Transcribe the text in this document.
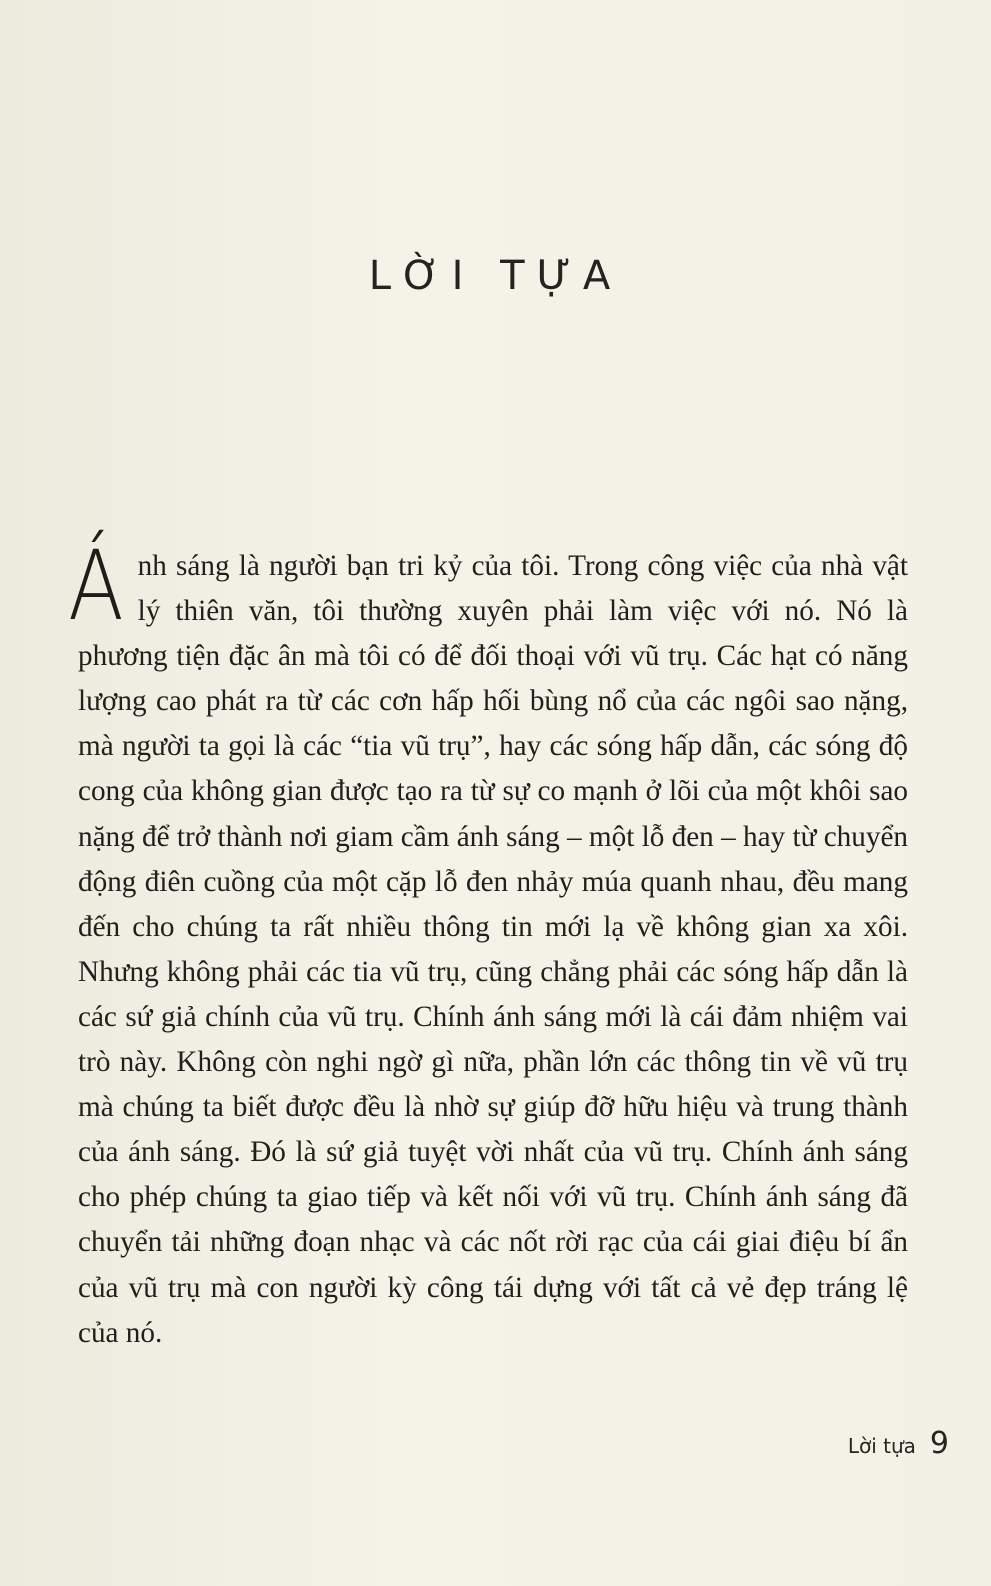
LỜI TỰA

Ánh sáng là người bạn tri kỷ của tôi. Trong công việc của nhà vật lý thiên văn, tôi thường xuyên phải làm việc với nó. Nó là phương tiện đặc ân mà tôi có để đối thoại với vũ trụ. Các hạt có năng lượng cao phát ra từ các cơn hấp hối bùng nổ của các ngôi sao nặng, mà người ta gọi là các “tia vũ trụ”, hay các sóng hấp dẫn, các sóng độ cong của không gian được tạo ra từ sự co mạnh ở lõi của một khôi sao nặng để trở thành nơi giam cầm ánh sáng – một lỗ đen – hay từ chuyển động điên cuồng của một cặp lỗ đen nhảy múa quanh nhau, đều mang đến cho chúng ta rất nhiều thông tin mới lạ về không gian xa xôi. Nhưng không phải các tia vũ trụ, cũng chẳng phải các sóng hấp dẫn là các sứ giả chính của vũ trụ. Chính ánh sáng mới là cái đảm nhiệm vai trò này. Không còn nghi ngờ gì nữa, phần lớn các thông tin về vũ trụ mà chúng ta biết được đều là nhờ sự giúp đỡ hữu hiệu và trung thành của ánh sáng. Đó là sứ giả tuyệt vời nhất của vũ trụ. Chính ánh sáng cho phép chúng ta giao tiếp và kết nối với vũ trụ. Chính ánh sáng đã chuyển tải những đoạn nhạc và các nốt rời rạc của cái giai điệu bí ẩn của vũ trụ mà con người kỳ công tái dựng với tất cả vẻ đẹp tráng lệ của nó.

Lời tựa 9
